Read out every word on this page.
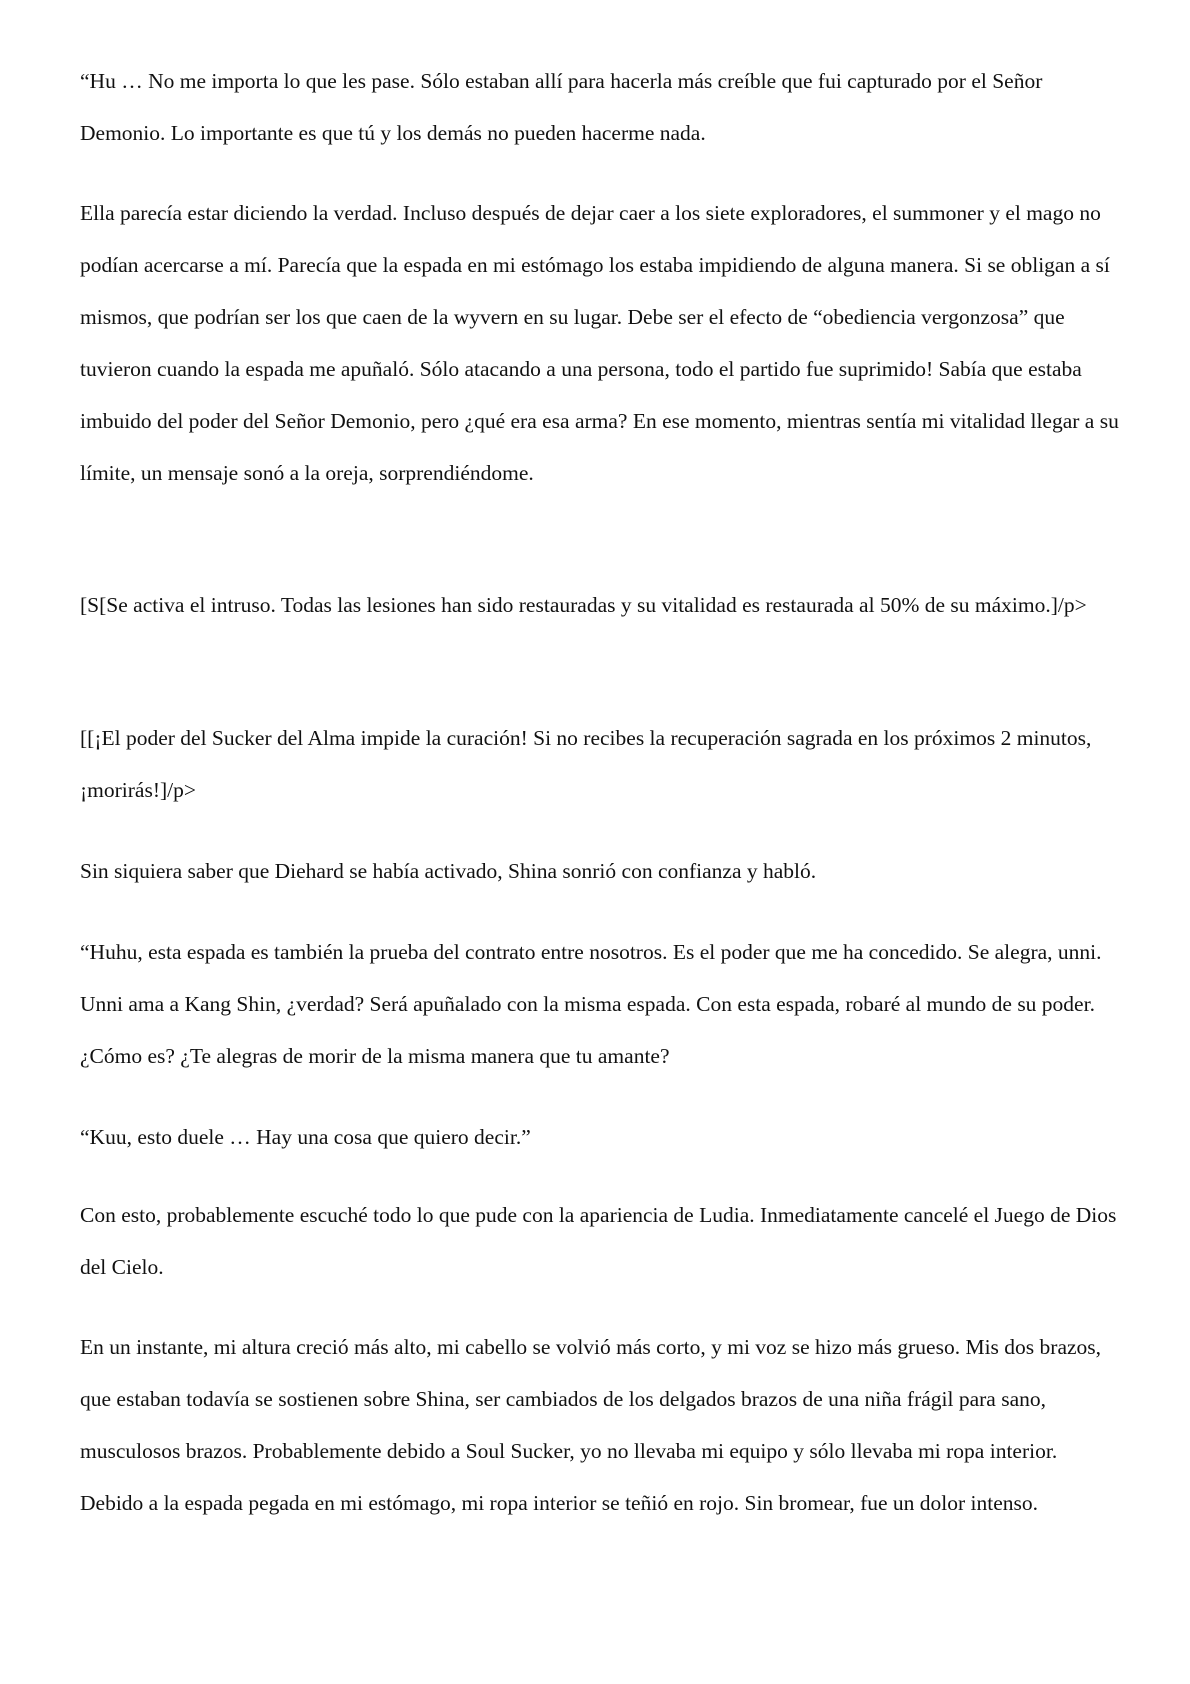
“Hu … No me importa lo que les pase. Sólo estaban allí para hacerla más creíble que fui capturado por el Señor Demonio. Lo importante es que tú y los demás no pueden hacerme nada.

Ella parecía estar diciendo la verdad. Incluso después de dejar caer a los siete exploradores, el summoner y el mago no podían acercarse a mí. Parecía que la espada en mi estómago los estaba impidiendo de alguna manera. Si se obligan a sí mismos, que podrían ser los que caen de la wyvern en su lugar. Debe ser el efecto de “obediencia vergonzosa” que tuvieron cuando la espada me apuñaló. Sólo atacando a una persona, todo el partido fue suprimido! Sabía que estaba imbuido del poder del Señor Demonio, pero ¿qué era esa arma? En ese momento, mientras sentía mi vitalidad llegar a su límite, un mensaje sonó a la oreja, sorprendiéndome.

[S[Se activa el intruso. Todas las lesiones han sido restauradas y su vitalidad es restaurada al 50% de su máximo.]/p>

[[¡El poder del Sucker del Alma impide la curación! Si no recibes la recuperación sagrada en los próximos 2 minutos, ¡morirás!]/p>

Sin siquiera saber que Diehard se había activado, Shina sonrió con confianza y habló.

“Huhu, esta espada es también la prueba del contrato entre nosotros. Es el poder que me ha concedido. Se alegra, unni. Unni ama a Kang Shin, ¿verdad? Será apuñalado con la misma espada. Con esta espada, robaré al mundo de su poder. ¿Cómo es? ¿Te alegras de morir de la misma manera que tu amante?

“Kuu, esto duele … Hay una cosa que quiero decir.”

Con esto, probablemente escuché todo lo que pude con la apariencia de Ludia. Inmediatamente cancelé el Juego de Dios del Cielo.

En un instante, mi altura creció más alto, mi cabello se volvió más corto, y mi voz se hizo más grueso. Mis dos brazos, que estaban todavía se sostienen sobre Shina, ser cambiados de los delgados brazos de una niña frágil para sano, musculosos brazos. Probablemente debido a Soul Sucker, yo no llevaba mi equipo y sólo llevaba mi ropa interior. Debido a la espada pegada en mi estómago, mi ropa interior se teñió en rojo. Sin bromear, fue un dolor intenso.
